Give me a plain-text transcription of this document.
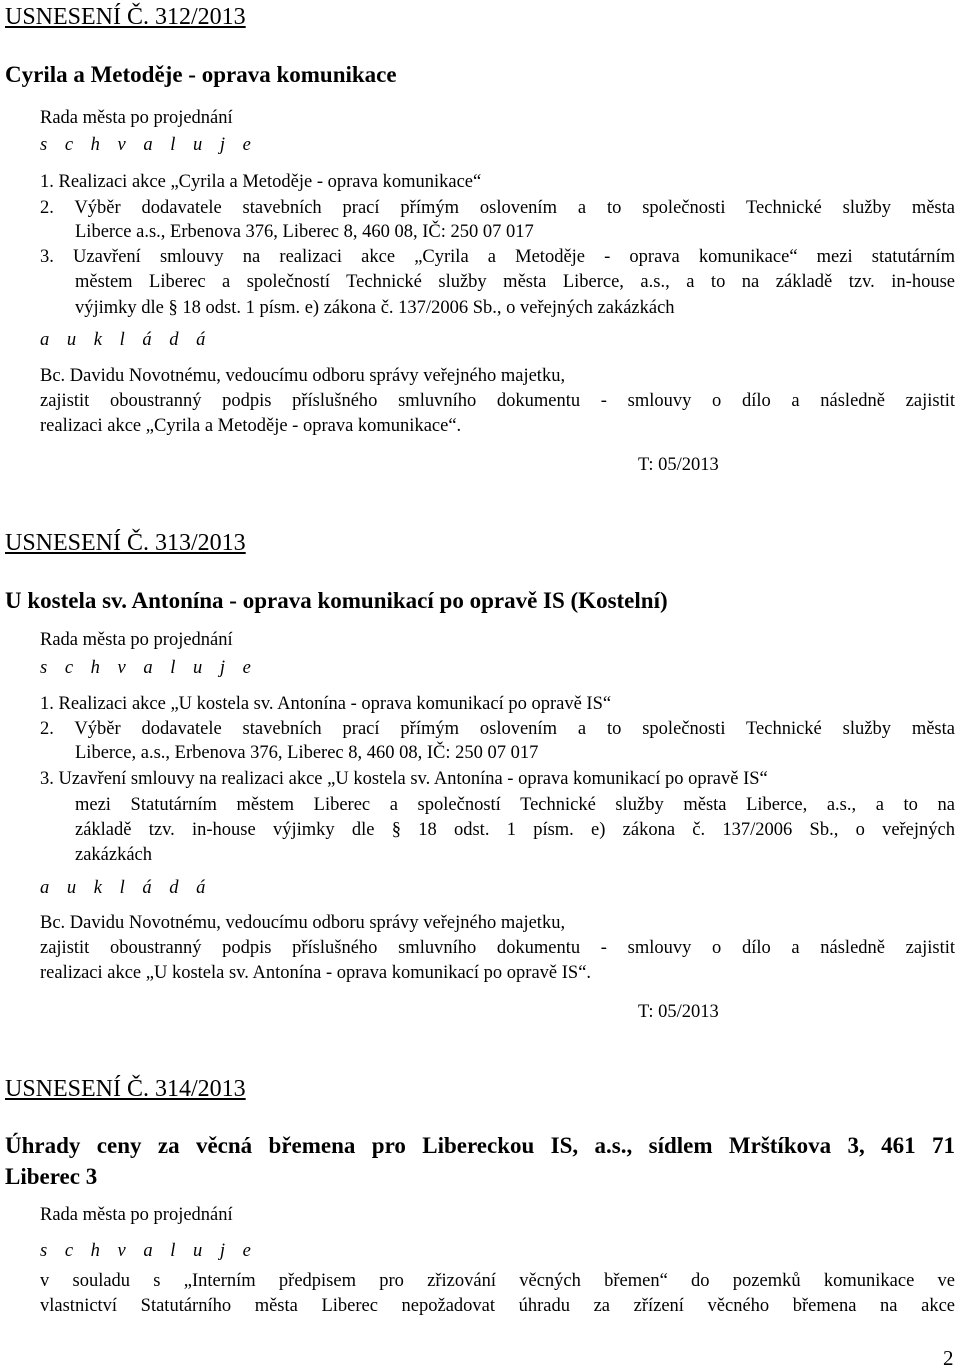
USNESENÍ Č. 312/2013
Cyrila a Metoděje - oprava komunikace
Rada města po projednání
s c h v a l u j e
1. Realizaci akce „Cyrila a Metoděje - oprava komunikace“
2. Výběr dodavatele stavebních prací přímým oslovením a to společnosti Technické služby města
Liberce a.s., Erbenova 376, Liberec 8, 460 08, IČ: 250 07 017
3. Uzavření smlouvy na realizaci akce „Cyrila a Metoděje - oprava komunikace“ mezi statutárním
městem Liberec a společností Technické služby města Liberce, a.s., a to na základě tzv. in-house
výjimky dle § 18 odst. 1 písm. e) zákona č. 137/2006 Sb., o veřejných zakázkách
a u k l á d á
Bc. Davidu Novotnému, vedoucímu odboru správy veřejného majetku,
zajistit oboustranný podpis příslušného smluvního dokumentu - smlouvy o dílo a následně zajistit
realizaci akce „Cyrila a Metoděje - oprava komunikace“.
T: 05/2013
USNESENÍ Č. 313/2013
U kostela sv. Antonína - oprava komunikací po opravě IS (Kostelní)
Rada města po projednání
s c h v a l u j e
1. Realizaci akce „U kostela sv. Antonína - oprava komunikací po opravě IS“
2. Výběr dodavatele stavebních prací přímým oslovením a to společnosti Technické služby města
Liberce, a.s., Erbenova 376, Liberec 8, 460 08, IČ: 250 07 017
3. Uzavření smlouvy na realizaci akce „U kostela sv. Antonína - oprava komunikací po opravě IS“
mezi Statutárním městem Liberec a společností Technické služby města Liberce, a.s., a to na
základě tzv. in-house výjimky dle § 18 odst. 1 písm. e) zákona č. 137/2006 Sb., o veřejných
zakázkách
a u k l á d á
Bc. Davidu Novotnému, vedoucímu odboru správy veřejného majetku,
zajistit oboustranný podpis příslušného smluvního dokumentu - smlouvy o dílo a následně zajistit
realizaci akce „U kostela sv. Antonína - oprava komunikací po opravě IS“.
T: 05/2013
USNESENÍ Č. 314/2013
Úhrady ceny za věcná břemena pro Libereckou IS, a.s., sídlem Mrštíkova 3, 461 71
Liberec 3
Rada města po projednání
s c h v a l u j e
v souladu s „Interním předpisem pro zřizování věcných břemen“ do pozemků komunikace ve
vlastnictví Statutárního města Liberec nepožadovat úhradu za zřízení věcného břemena na akce
2
